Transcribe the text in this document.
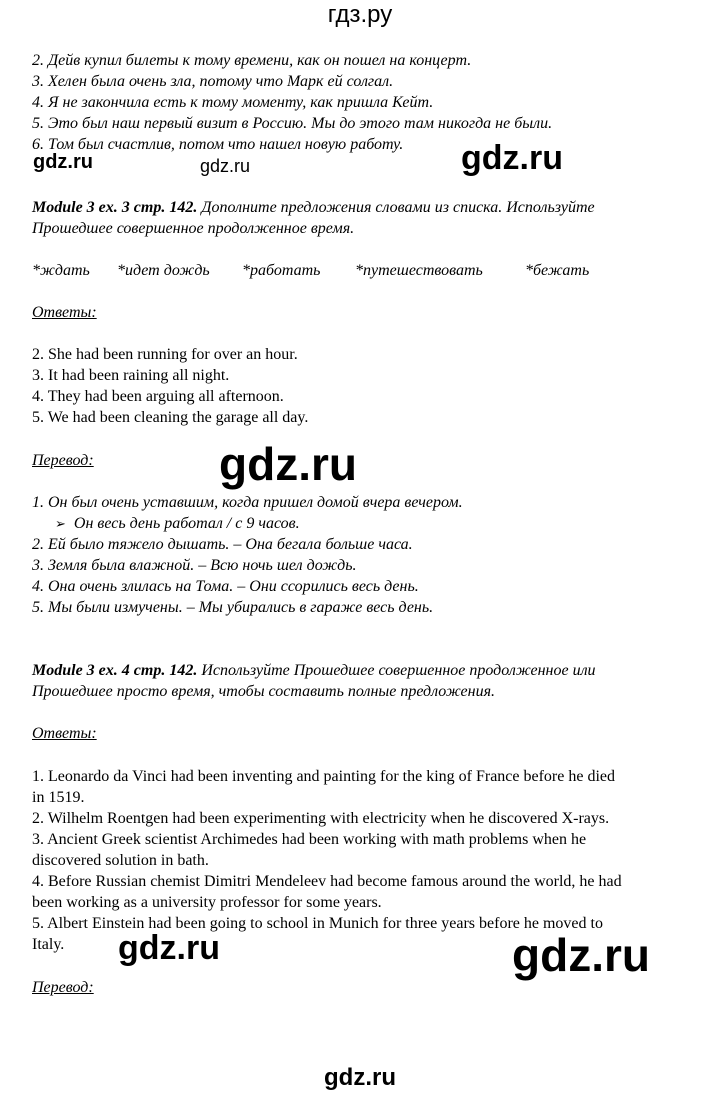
гдз.ру
2. Дейв купил билеты к тому времени, как он пошел на концерт.
3. Хелен была очень зла, потому что Марк ей солгал.
4. Я не закончила есть к тому моменту, как пришла Кейт.
5. Это был наш первый визит в Россию. Мы до этого там никогда не были.
6. Том был счастлив, потом что нашел новую работу.
gdz.ru	gdz.ru	gdz.ru
Module 3 ex. 3 стр. 142. Дополните предложения словами из списка. Используйте
Прошедшее совершенное продолженное время.
*ждать *идет дождь *работать *путешествовать	*бежать
Ответы:
2. She had been running for over an hour.
3. It had been raining all night.
4. They had been arguing all afternoon.
5. We had been cleaning the garage all day.
Перевод:	gdz.ru
1. Он был очень уставшим, когда пришел домой вчера вечером.
➢ Он весь день работал / с 9 часов.
2. Ей было тяжело дышать. – Она бегала больше часа.
3. Земля была влажной. – Всю ночь шел дождь.
4. Она очень злилась на Тома. – Они ссорились весь день.
5. Мы были измучены. – Мы убирались в гараже весь день.
Module 3 ex. 4 стр. 142. Используйте Прошедшее совершенное продолженное или
Прошедшее просто время, чтобы составить полные предложения.
Ответы:
1. Leonardo da Vinci had been inventing and painting for the king of France before he died
in 1519.
2. Wilhelm Roentgen had been experimenting with electricity when he discovered X-rays.
3. Ancient Greek scientist Archimedes had been working with math problems when he
discovered solution in bath.
4. Before Russian chemist Dimitri Mendeleev had become famous around the world, he had
been working as a university professor for some years.
5. Albert Einstein had been going to school in Munich for three years before he moved to
Italy. gdz.ru	gdz.ru
Перевод:
gdz.ru
